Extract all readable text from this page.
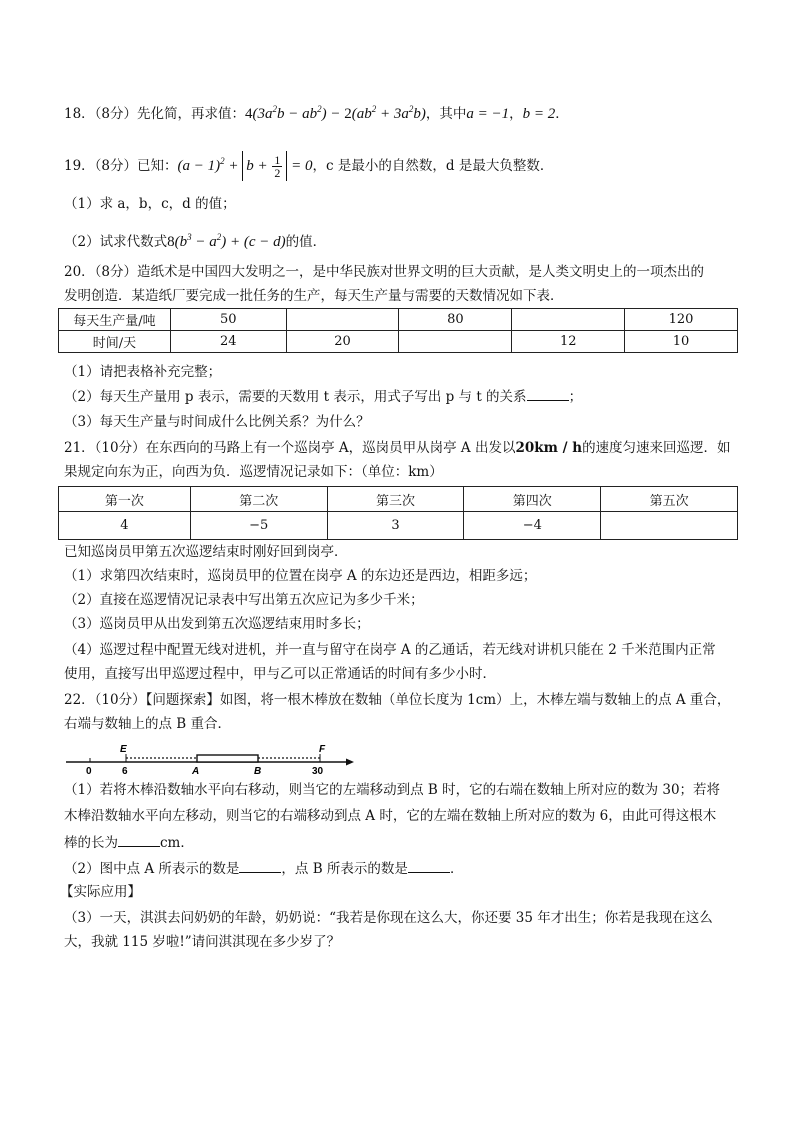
18．（8分）先化简，再求值：$4(3a^2b - ab^2) - 2(ab^2 + 3a^2b)$，其中a = −1，b = 2．
19．（8分）已知：$(a - 1)^2 + b + \frac{1}{2} = 0$，c 是最小的自然数，d 是最大负整数．
（1）求 a，b，c，d 的值；
（2）试求代数式$8(b^3 - a^2) + (c - d)$的值．
20．（8分）造纸术是中国四大发明之一，是中华民族对世界文明的巨大贡献，是人类文明史上的一项杰出的
发明创造．某造纸厂要完成一批任务的生产，每天生产量与需要的天数情况如下表．
每天生产量/吨	50		80		120
时间/天	24	20		12	10
（1）请把表格补充完整；
（2）每天生产量用 p 表示，需要的天数用 t 表示，用式子写出 p 与 t 的关系	；
（3）每天生产量与时间成什么比例关系？为什么？
21．（10分）在东西向的马路上有一个巡岗亭 A，巡岗员甲从岗亭 A 出发以20km / h的速度匀速来回巡逻．如
果规定向东为正，向西为负．巡逻情况记录如下：（单位：km）
第一次	第二次	第三次	第四次	第五次
4	−5	3	−4	
已知巡岗员甲第五次巡逻结束时刚好回到岗亭．
（1）求第四次结束时，巡岗员甲的位置在岗亭 A 的东边还是西边，相距多远；
（2）直接在巡逻情况记录表中写出第五次应记为多少千米；
（3）巡岗员甲从出发到第五次巡逻结束用时多长；
（4）巡逻过程中配置无线对进机，并一直与留守在岗亭 A 的乙通话，若无线对讲机只能在 2 千米范围内正常
使用，直接写出甲巡逻过程中，甲与乙可以正常通话的时间有多少小时．
22．（10分）【问题探索】如图，将一根木棒放在数轴（单位长度为 1cm）上，木棒左端与数轴上的点 A 重合，
右端与数轴上的点 B 重合．
0	6	30
E
A	B
F
（1）若将木棒沿数轴水平向右移动，则当它的左端移动到点 B 时，它的右端在数轴上所对应的数为 30；若将
木棒沿数轴水平向左移动，则当它的右端移动到点 A 时，它的左端在数轴上所对应的数为 6，由此可得这根木
棒的长为	cm．
（2）图中点 A 所表示的数是	，点 B 所表示的数是	．
【实际应用】
（3）一天，淇淇去问奶奶的年龄，奶奶说：“我若是你现在这么大，你还要 35 年才出生；你若是我现在这么
大，我就 115 岁啦!”请问淇淇现在多少岁了？
